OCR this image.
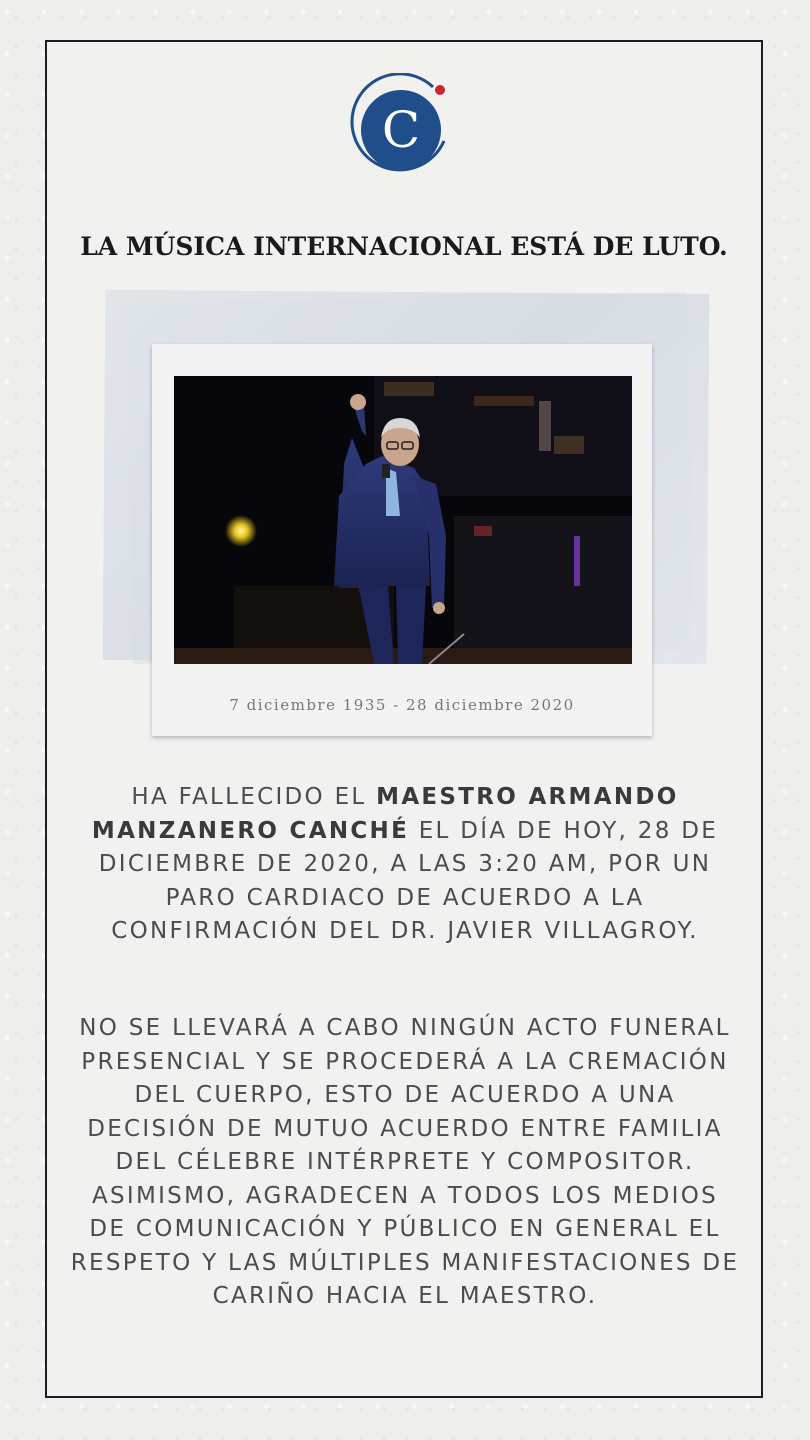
C
LA MÚSICA INTERNACIONAL ESTÁ DE LUTO.
7 diciembre 1935 - 28 diciembre 2020
HA FALLECIDO EL MAESTRO ARMANDO MANZANERO CANCHÉ EL DÍA DE HOY, 28 DE DICIEMBRE DE 2020, A LAS 3:20 AM, POR UN PARO CARDIACO DE ACUERDO A LA CONFIRMACIÓN DEL DR. JAVIER VILLAGROY.
NO SE LLEVARÁ A CABO NINGÚN ACTO FUNERAL PRESENCIAL Y SE PROCEDERÁ A LA CREMACIÓN DEL CUERPO, ESTO DE ACUERDO A UNA DECISIÓN DE MUTUO ACUERDO ENTRE FAMILIA DEL CÉLEBRE INTÉRPRETE Y COMPOSITOR. ASIMISMO, AGRADECEN A TODOS LOS MEDIOS DE COMUNICACIÓN Y PÚBLICO EN GENERAL EL RESPETO Y LAS MÚLTIPLES MANIFESTACIONES DE CARIÑO HACIA EL MAESTRO.
